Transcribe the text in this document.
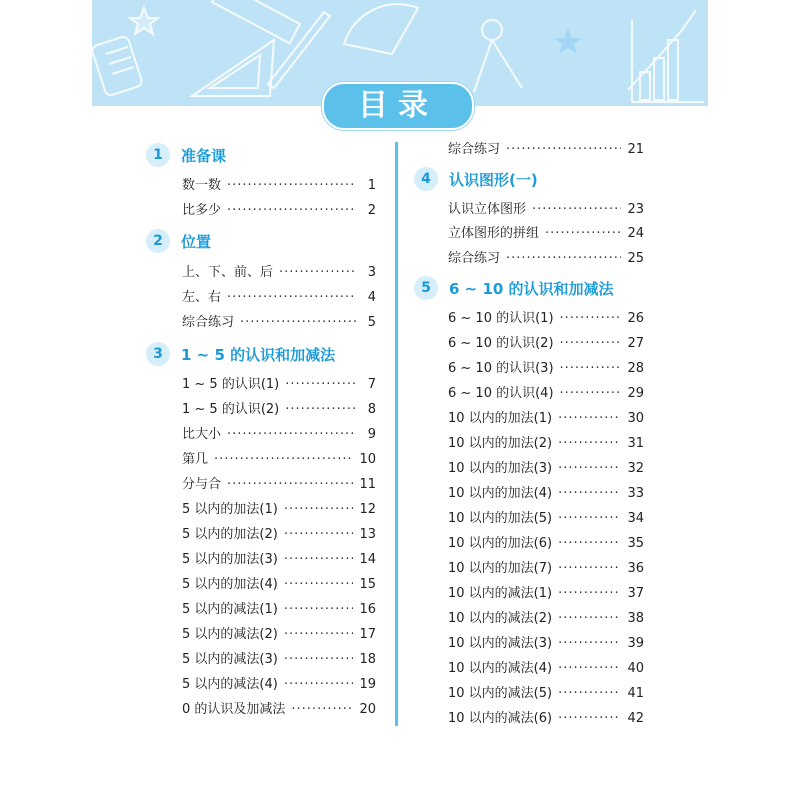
目录
1	准备课
数一数 ·····	1
比多少 ·····	2
2	位置
上、下、前、后 ·····	3
左、右 ·····	4
综合练习 ·····	5
3	1 ~ 5 的认识和加减法
1 ~ 5 的认识(1) ·····	7
1 ~ 5 的认识(2) ·····	8
比大小 ·····	9
第几 ·····	10
分与合 ·····	11
5 以内的加法(1) ·····	12
5 以内的加法(2) ·····	13
5 以内的加法(3) ·····	14
5 以内的加法(4) ·····	15
5 以内的减法(1) ·····	16
5 以内的减法(2) ·····	17
5 以内的减法(3) ·····	18
5 以内的减法(4) ·····	19
0 的认识及加减法 ·····	20
综合练习 ·····	21
4	认识图形(一)
认识立体图形 ·····	23
立体图形的拼组 ·····	24
综合练习 ·····	25
5	6 ~ 10 的认识和加减法
6 ~ 10 的认识(1) ·····	26
6 ~ 10 的认识(2) ·····	27
6 ~ 10 的认识(3) ·····	28
6 ~ 10 的认识(4) ·····	29
10 以内的加法(1) ·····	30
10 以内的加法(2) ·····	31
10 以内的加法(3) ·····	32
10 以内的加法(4) ·····	33
10 以内的加法(5) ·····	34
10 以内的加法(6) ·····	35
10 以内的加法(7) ·····	36
10 以内的减法(1) ·····	37
10 以内的减法(2) ·····	38
10 以内的减法(3) ·····	39
10 以内的减法(4) ·····	40
10 以内的减法(5) ·····	41
10 以内的减法(6) ·····	42
